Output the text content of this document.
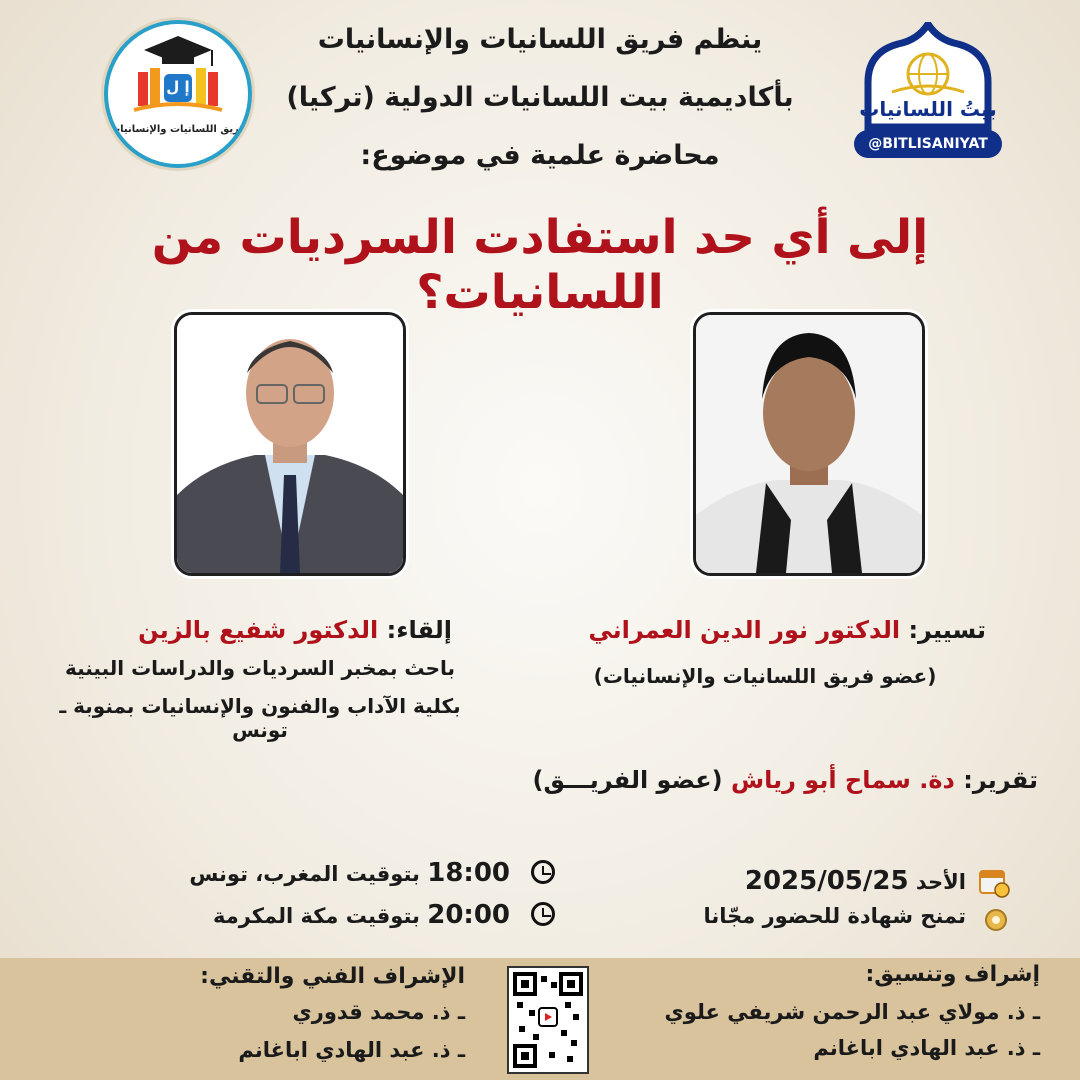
ينظم فريق اللسانيات والإنسانيات
بأكاديمية بيت اللسانيات الدولية (تركيا)
محاضرة علمية في موضوع:
إلى أي حد استفادت السرديات من اللسانيات؟
إ ل
فريق اللسانيات والإنسانيات
بيتُ اللسانيات
@BITLISANIYAT
إلقاء: الدكتور شفيع بالزين
باحث بمخبر السرديات والدراسات البينية
بكلية الآداب والفنون والإنسانيات بمنوبة ـ تونس
تسيير: الدكتور نور الدين العمراني
(عضو فريق اللسانيات والإنسانيات)
تقرير: دة. سماح أبو رياش (عضو الفريـــق)
18:00 بتوقيت المغرب، تونس
20:00 بتوقيت مكة المكرمة
الأحد 2025/05/25
تمنح شهادة للحضور مجّانا
الإشراف الفني والتقني:
ـ ذ. محمد قدوري
ـ ذ. عبد الهادي اباغانم
إشراف وتنسيق:
ـ ذ. مولاي عبد الرحمن شريفي علوي
ـ ذ. عبد الهادي اباغانم
